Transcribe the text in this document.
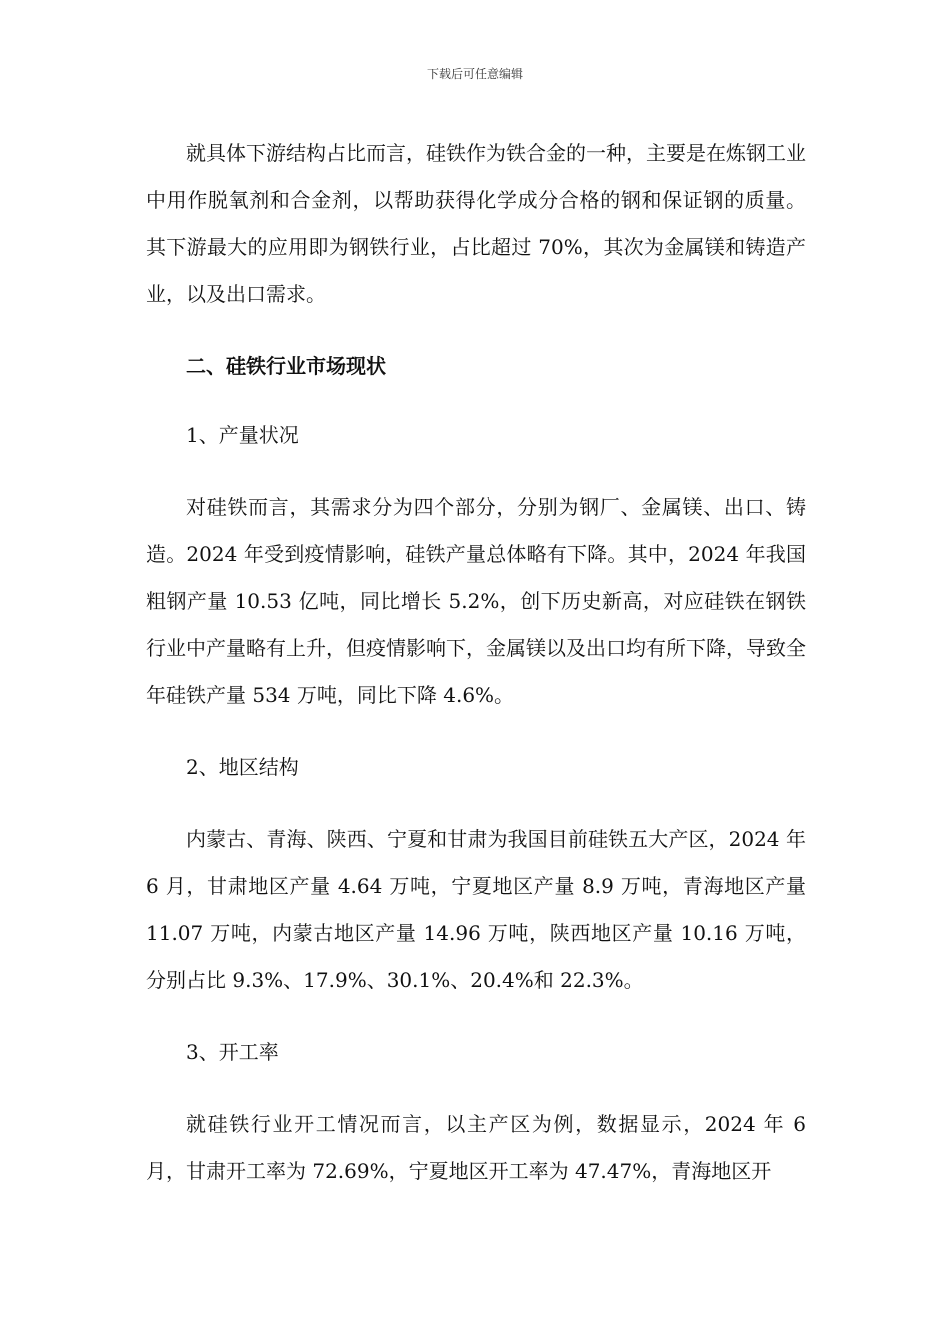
下载后可任意编辑

就具体下游结构占比而言，硅铁作为铁合金的一种，主要是在炼钢工业中用作脱氧剂和合金剂，以帮助获得化学成分合格的钢和保证钢的质量。 其下游最大的应用即为钢铁行业，占比超过 70%，其次为金属镁和铸造产业，以及出口需求。

二、硅铁行业市场现状

1、产量状况

对硅铁而言，其需求分为四个部分，分别为钢厂、金属镁、出口、铸造。2024 年受到疫情影响，硅铁产量总体略有下降。其中，2024 年我国粗钢产量 10.53 亿吨，同比增长 5.2%，创下历史新高，对应硅铁在钢铁行业中产量略有上升，但疫情影响下，金属镁以及出口均有所下降，导致全年硅铁产量 534 万吨，同比下降 4.6%。

2、地区结构

内蒙古、青海、陕西、宁夏和甘肃为我国目前硅铁五大产区，2024 年 6 月，甘肃地区产量 4.64 万吨，宁夏地区产量 8.9 万吨，青海地区产量 11.07 万吨，内蒙古地区产量 14.96 万吨，陕西地区产量 10.16 万吨，分别占比 9.3%、17.9%、30.1%、20.4%和 22.3%。

3、开工率

就硅铁行业开工情况而言，以主产区为例，数据显示，2024 年 6 月，甘肃开工率为 72.69%，宁夏地区开工率为 47.47%，青海地区开
